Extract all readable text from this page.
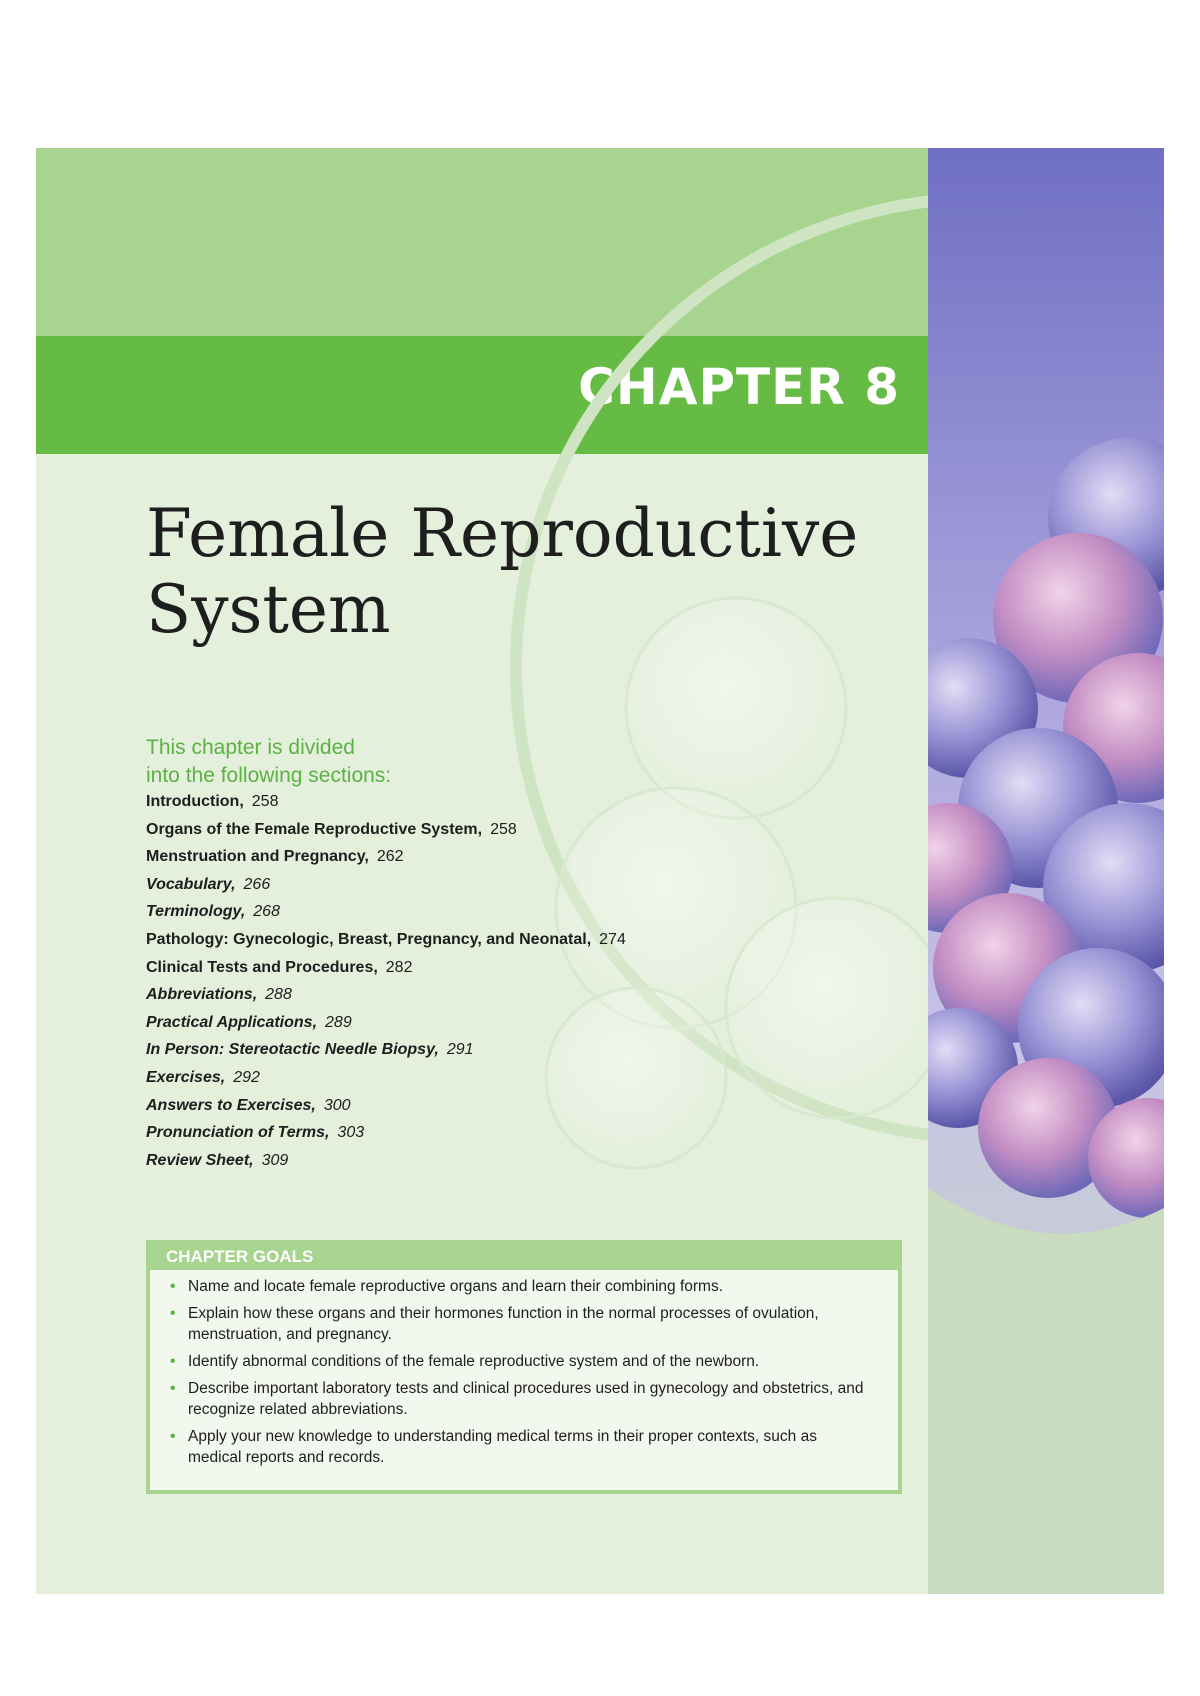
CHAPTER 8
Female Reproductive
System

This chapter is divided
into the following sections:

Introduction, 258
Organs of the Female Reproductive System, 258
Menstruation and Pregnancy, 262
Vocabulary, 266
Terminology, 268
Pathology: Gynecologic, Breast, Pregnancy, and Neonatal, 274
Clinical Tests and Procedures, 282
Abbreviations, 288
Practical Applications, 289
In Person: Stereotactic Needle Biopsy, 291
Exercises, 292
Answers to Exercises, 300
Pronunciation of Terms, 303
Review Sheet, 309
CHAPTER GOALS
• Name and locate female reproductive organs and learn their combining forms.
• Explain how these organs and their hormones function in the normal processes of ovulation, menstruation, and pregnancy.
• Identify abnormal conditions of the female reproductive system and of the newborn.
• Describe important laboratory tests and clinical procedures used in gynecology and obstetrics, and recognize related abbreviations.
• Apply your new knowledge to understanding medical terms in their proper contexts, such as medical reports and records.
